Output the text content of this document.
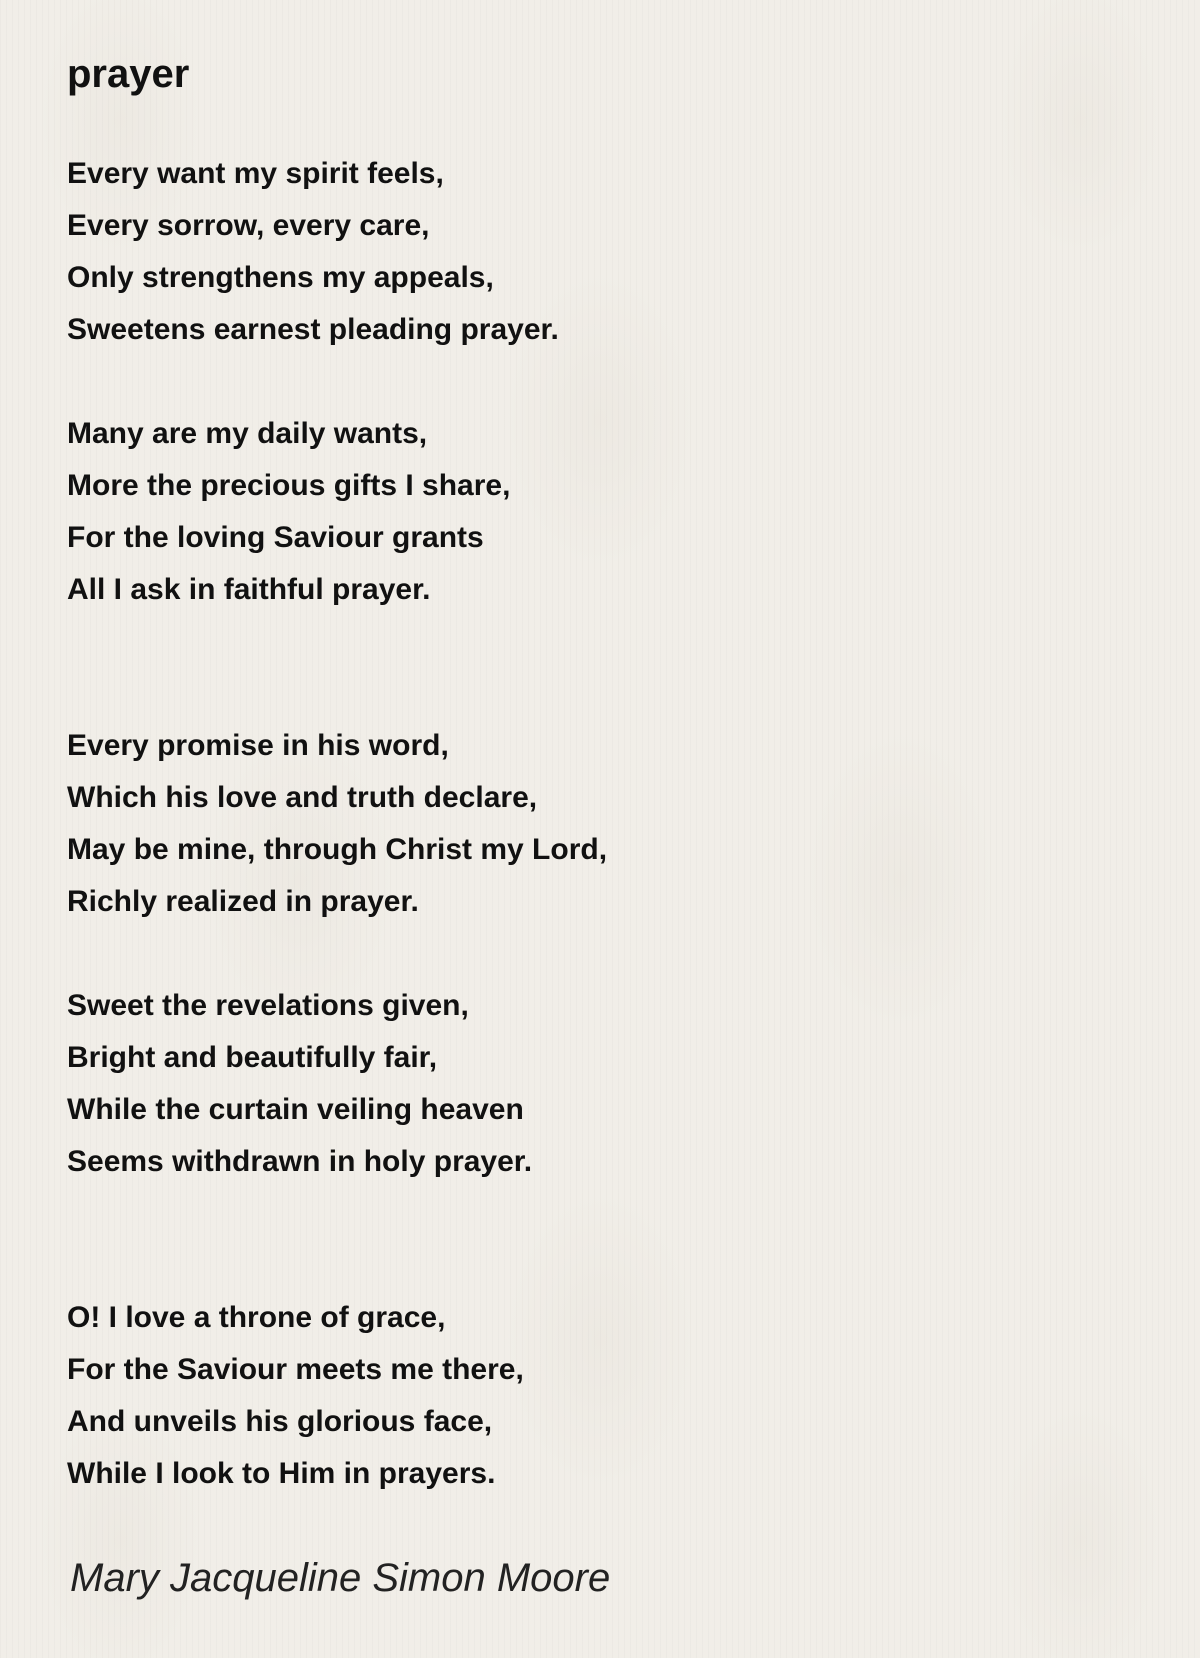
prayer
Every want my spirit feels,
Every sorrow, every care,
Only strengthens my appeals,
Sweetens earnest pleading prayer.
Many are my daily wants,
More the precious gifts I share,
For the loving Saviour grants
All I ask in faithful prayer.
Every promise in his word,
Which his love and truth declare,
May be mine, through Christ my Lord,
Richly realized in prayer.
Sweet the revelations given,
Bright and beautifully fair,
While the curtain veiling heaven
Seems withdrawn in holy prayer.
O! I love a throne of grace,
For the Saviour meets me there,
And unveils his glorious face,
While I look to Him in prayers.
Mary Jacqueline Simon Moore
